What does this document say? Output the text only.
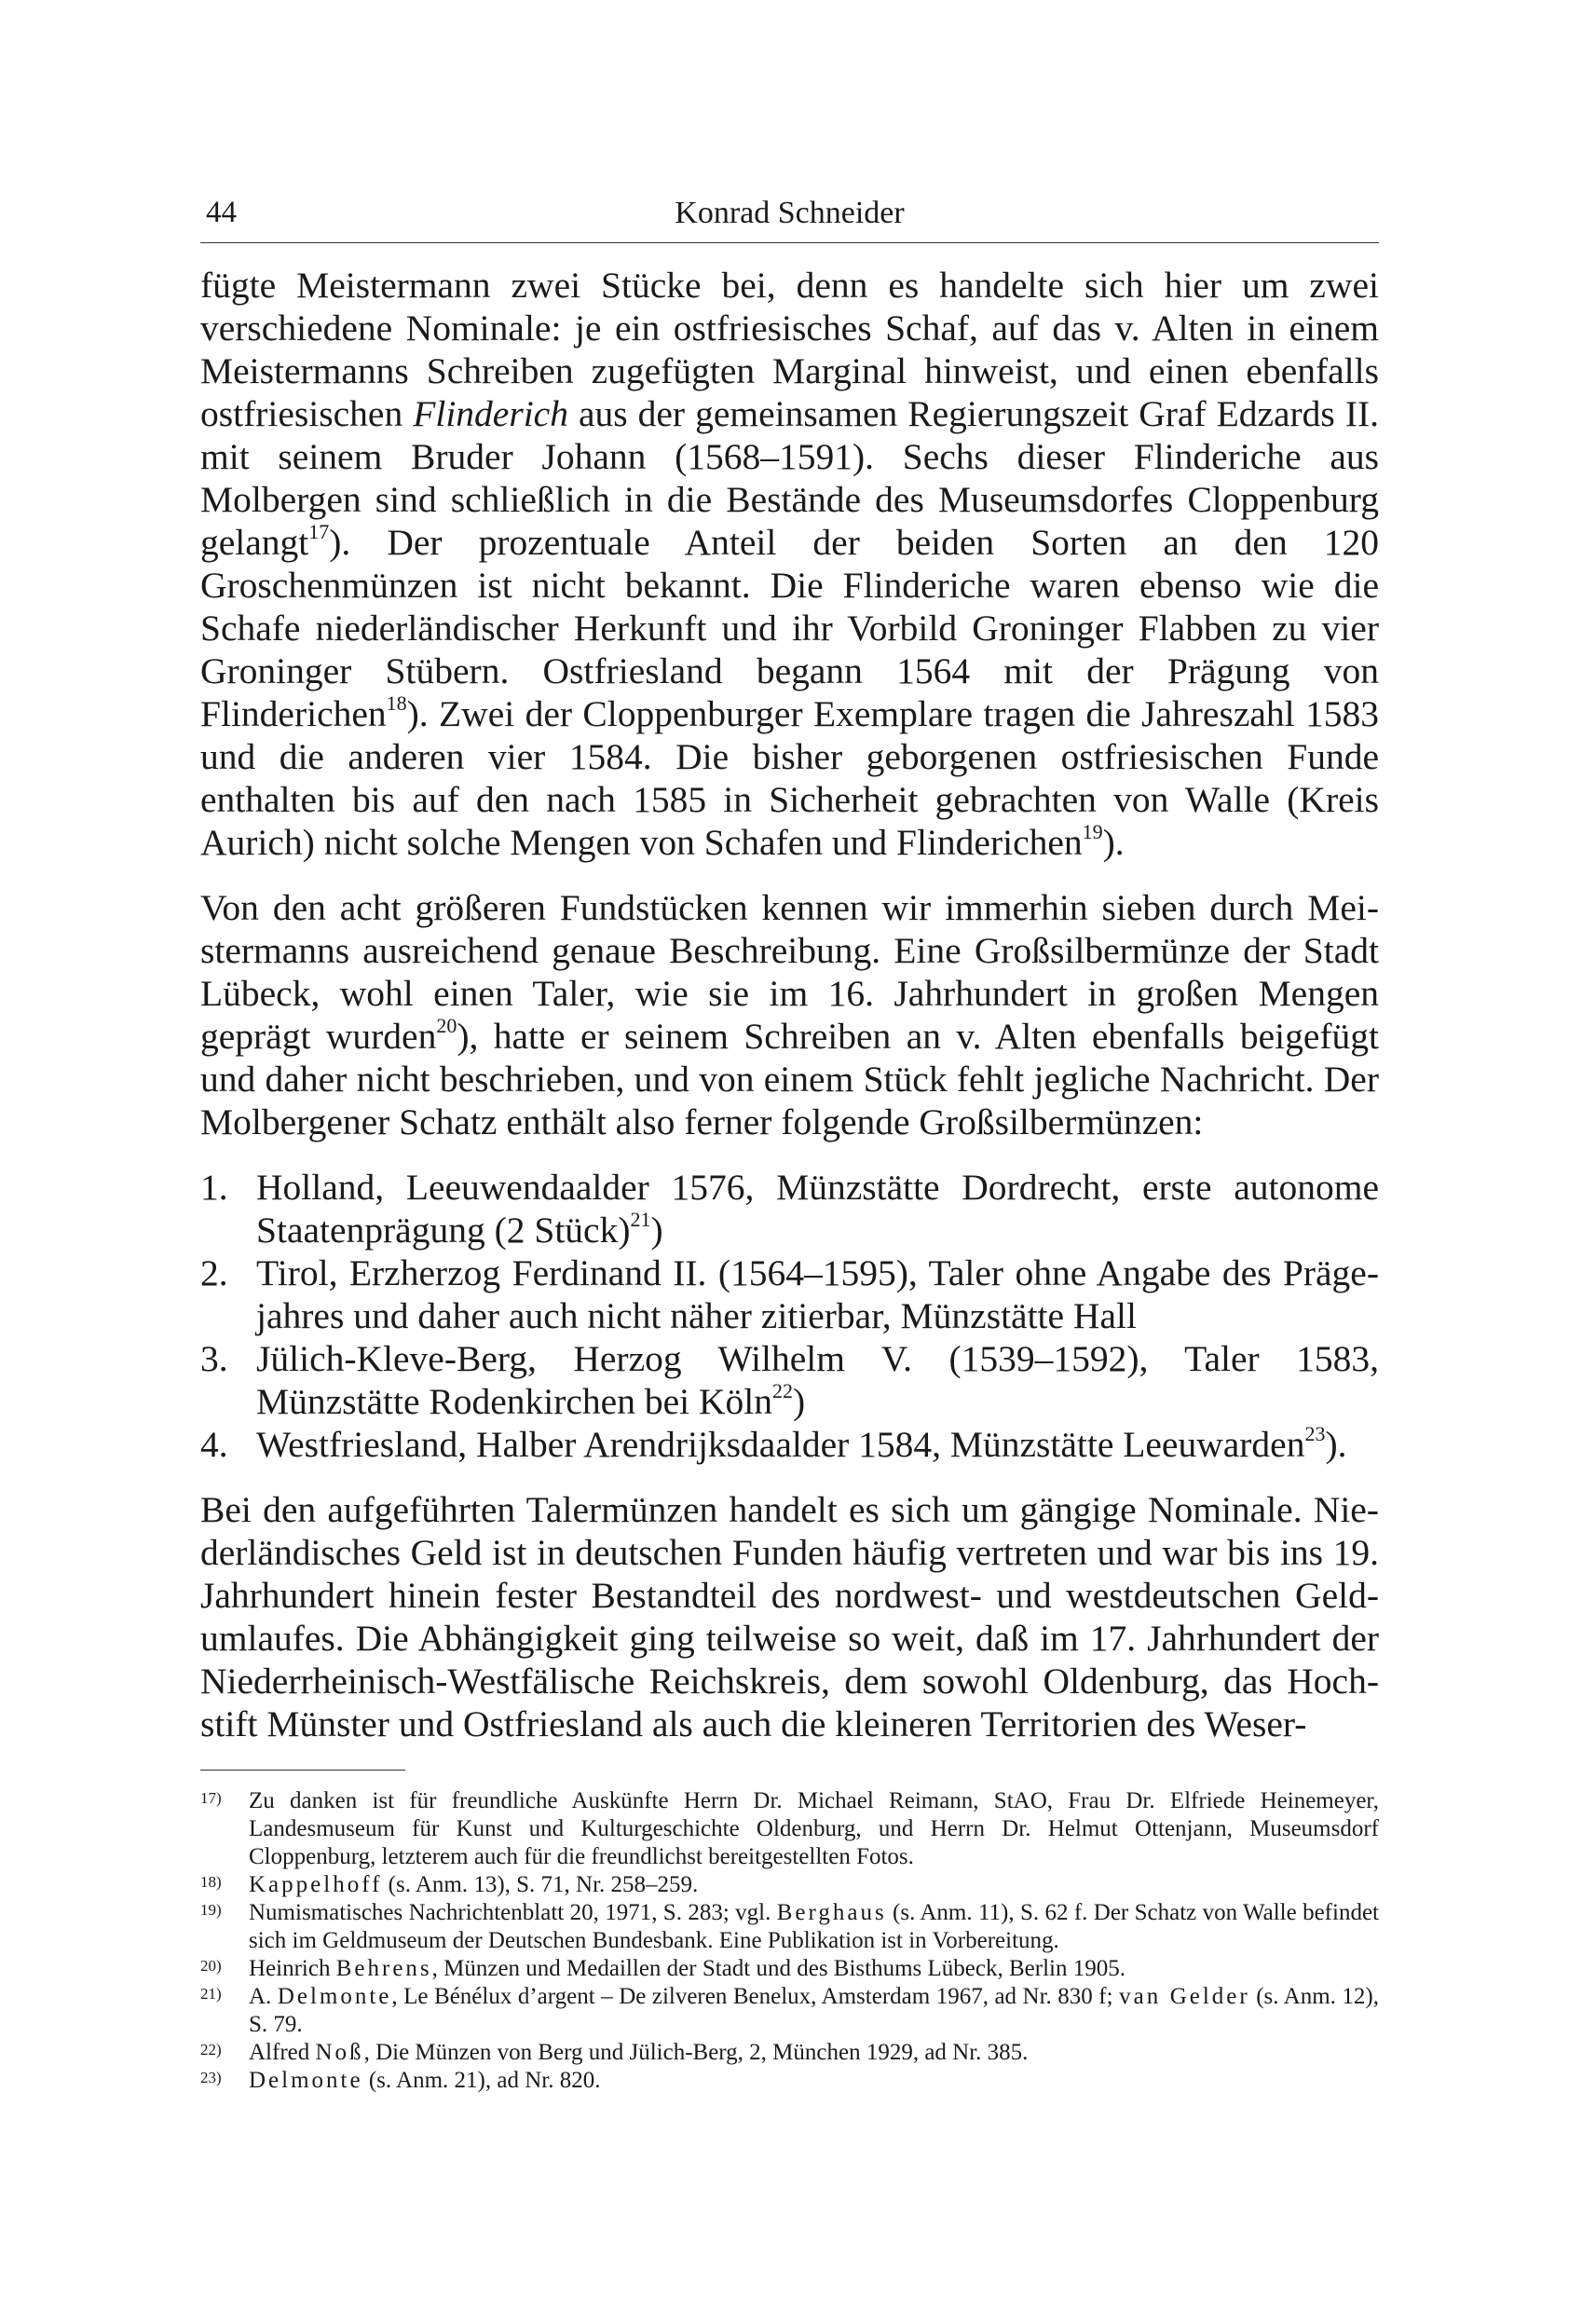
44	Konrad Schneider

fügte Meistermann zwei Stücke bei, denn es handelte sich hier um zwei verschiedene Nominale: je ein ostfriesisches Schaf, auf das v. Alten in einem Meistermanns Schreiben zugefügten Marginal hinweist, und einen ebenfalls ostfriesischen Flinderich aus der gemeinsamen Regierungszeit Graf Edzards II. mit seinem Bruder Johann (1568–1591). Sechs dieser Flinderiche aus Molbergen sind schließlich in die Bestände des Museumsdorfes Cloppenburg gelangt$^{17}$). Der prozentuale Anteil der beiden Sorten an den 120 Groschenmünzen ist nicht bekannt. Die Flinderiche waren ebenso wie die Schafe niederländischer Herkunft und ihr Vorbild Groninger Flabben zu vier Groninger Stübern. Ostfriesland begann 1564 mit der Prägung von Flinderichen$^{18}$). Zwei der Cloppenburger Exemplare tragen die Jahreszahl 1583 und die anderen vier 1584. Die bisher geborgenen ostfriesischen Funde enthalten bis auf den nach 1585 in Sicherheit gebrachten von Walle (Kreis Aurich) nicht solche Mengen von Schafen und Flinderichen$^{19}$).

Von den acht größeren Fundstücken kennen wir immerhin sieben durch Meistermanns ausreichend genaue Beschreibung. Eine Großsilbermünze der Stadt Lübeck, wohl einen Taler, wie sie im 16. Jahrhundert in großen Mengen geprägt wurden$^{20}$), hatte er seinem Schreiben an v. Alten ebenfalls beigefügt und daher nicht beschrieben, und von einem Stück fehlt jegliche Nachricht. Der Molbergener Schatz enthält also ferner folgende Großsilbermünzen:

1. Holland, Leeuwendaalder 1576, Münzstätte Dordrecht, erste autonome Staatenprägung (2 Stück)$^{21}$)
2. Tirol, Erzherzog Ferdinand II. (1564–1595), Taler ohne Angabe des Prägejahres und daher auch nicht näher zitierbar, Münzstätte Hall
3. Jülich-Kleve-Berg, Herzog Wilhelm V. (1539–1592), Taler 1583, Münzstätte Rodenkirchen bei Köln$^{22}$)
4. Westfriesland, Halber Arendrijksdaalder 1584, Münzstätte Leeuwarden$^{23}$).

Bei den aufgeführten Talermünzen handelt es sich um gängige Nominale. Niederländisches Geld ist in deutschen Funden häufig vertreten und war bis ins 19. Jahrhundert hinein fester Bestandteil des nordwest- und westdeutschen Geldumlaufes. Die Abhängigkeit ging teilweise so weit, daß im 17. Jahrhundert der Niederrheinisch-Westfälische Reichskreis, dem sowohl Oldenburg, das Hochstift Münster und Ostfriesland als auch die kleineren Territorien des Weser-

17) Zu danken ist für freundliche Auskünfte Herrn Dr. Michael Reimann, StAO, Frau Dr. Elfriede Heinemeyer, Landesmuseum für Kunst und Kulturgeschichte Oldenburg, und Herrn Dr. Helmut Ottenjann, Museumsdorf Cloppenburg, letzterem auch für die freundlichst bereitgestellten Fotos.

18) Kappelhoff (s. Anm. 13), S. 71, Nr. 258–259.

19) Numismatisches Nachrichtenblatt 20, 1971, S. 283; vgl. Berghaus (s. Anm. 11), S. 62 f. Der Schatz von Walle befindet sich im Geldmuseum der Deutschen Bundesbank. Eine Publikation ist in Vorbereitung.

20) Heinrich Behrens, Münzen und Medaillen der Stadt und des Bisthums Lübeck, Berlin 1905.

21) A. Delmonte, Le Bénélux d’argent – De zilveren Benelux, Amsterdam 1967, ad Nr. 830 f; van Gelder (s. Anm. 12), S. 79.

22) Alfred Noß, Die Münzen von Berg und Jülich-Berg, 2, München 1929, ad Nr. 385.

23) Delmonte (s. Anm. 21), ad Nr. 820.
